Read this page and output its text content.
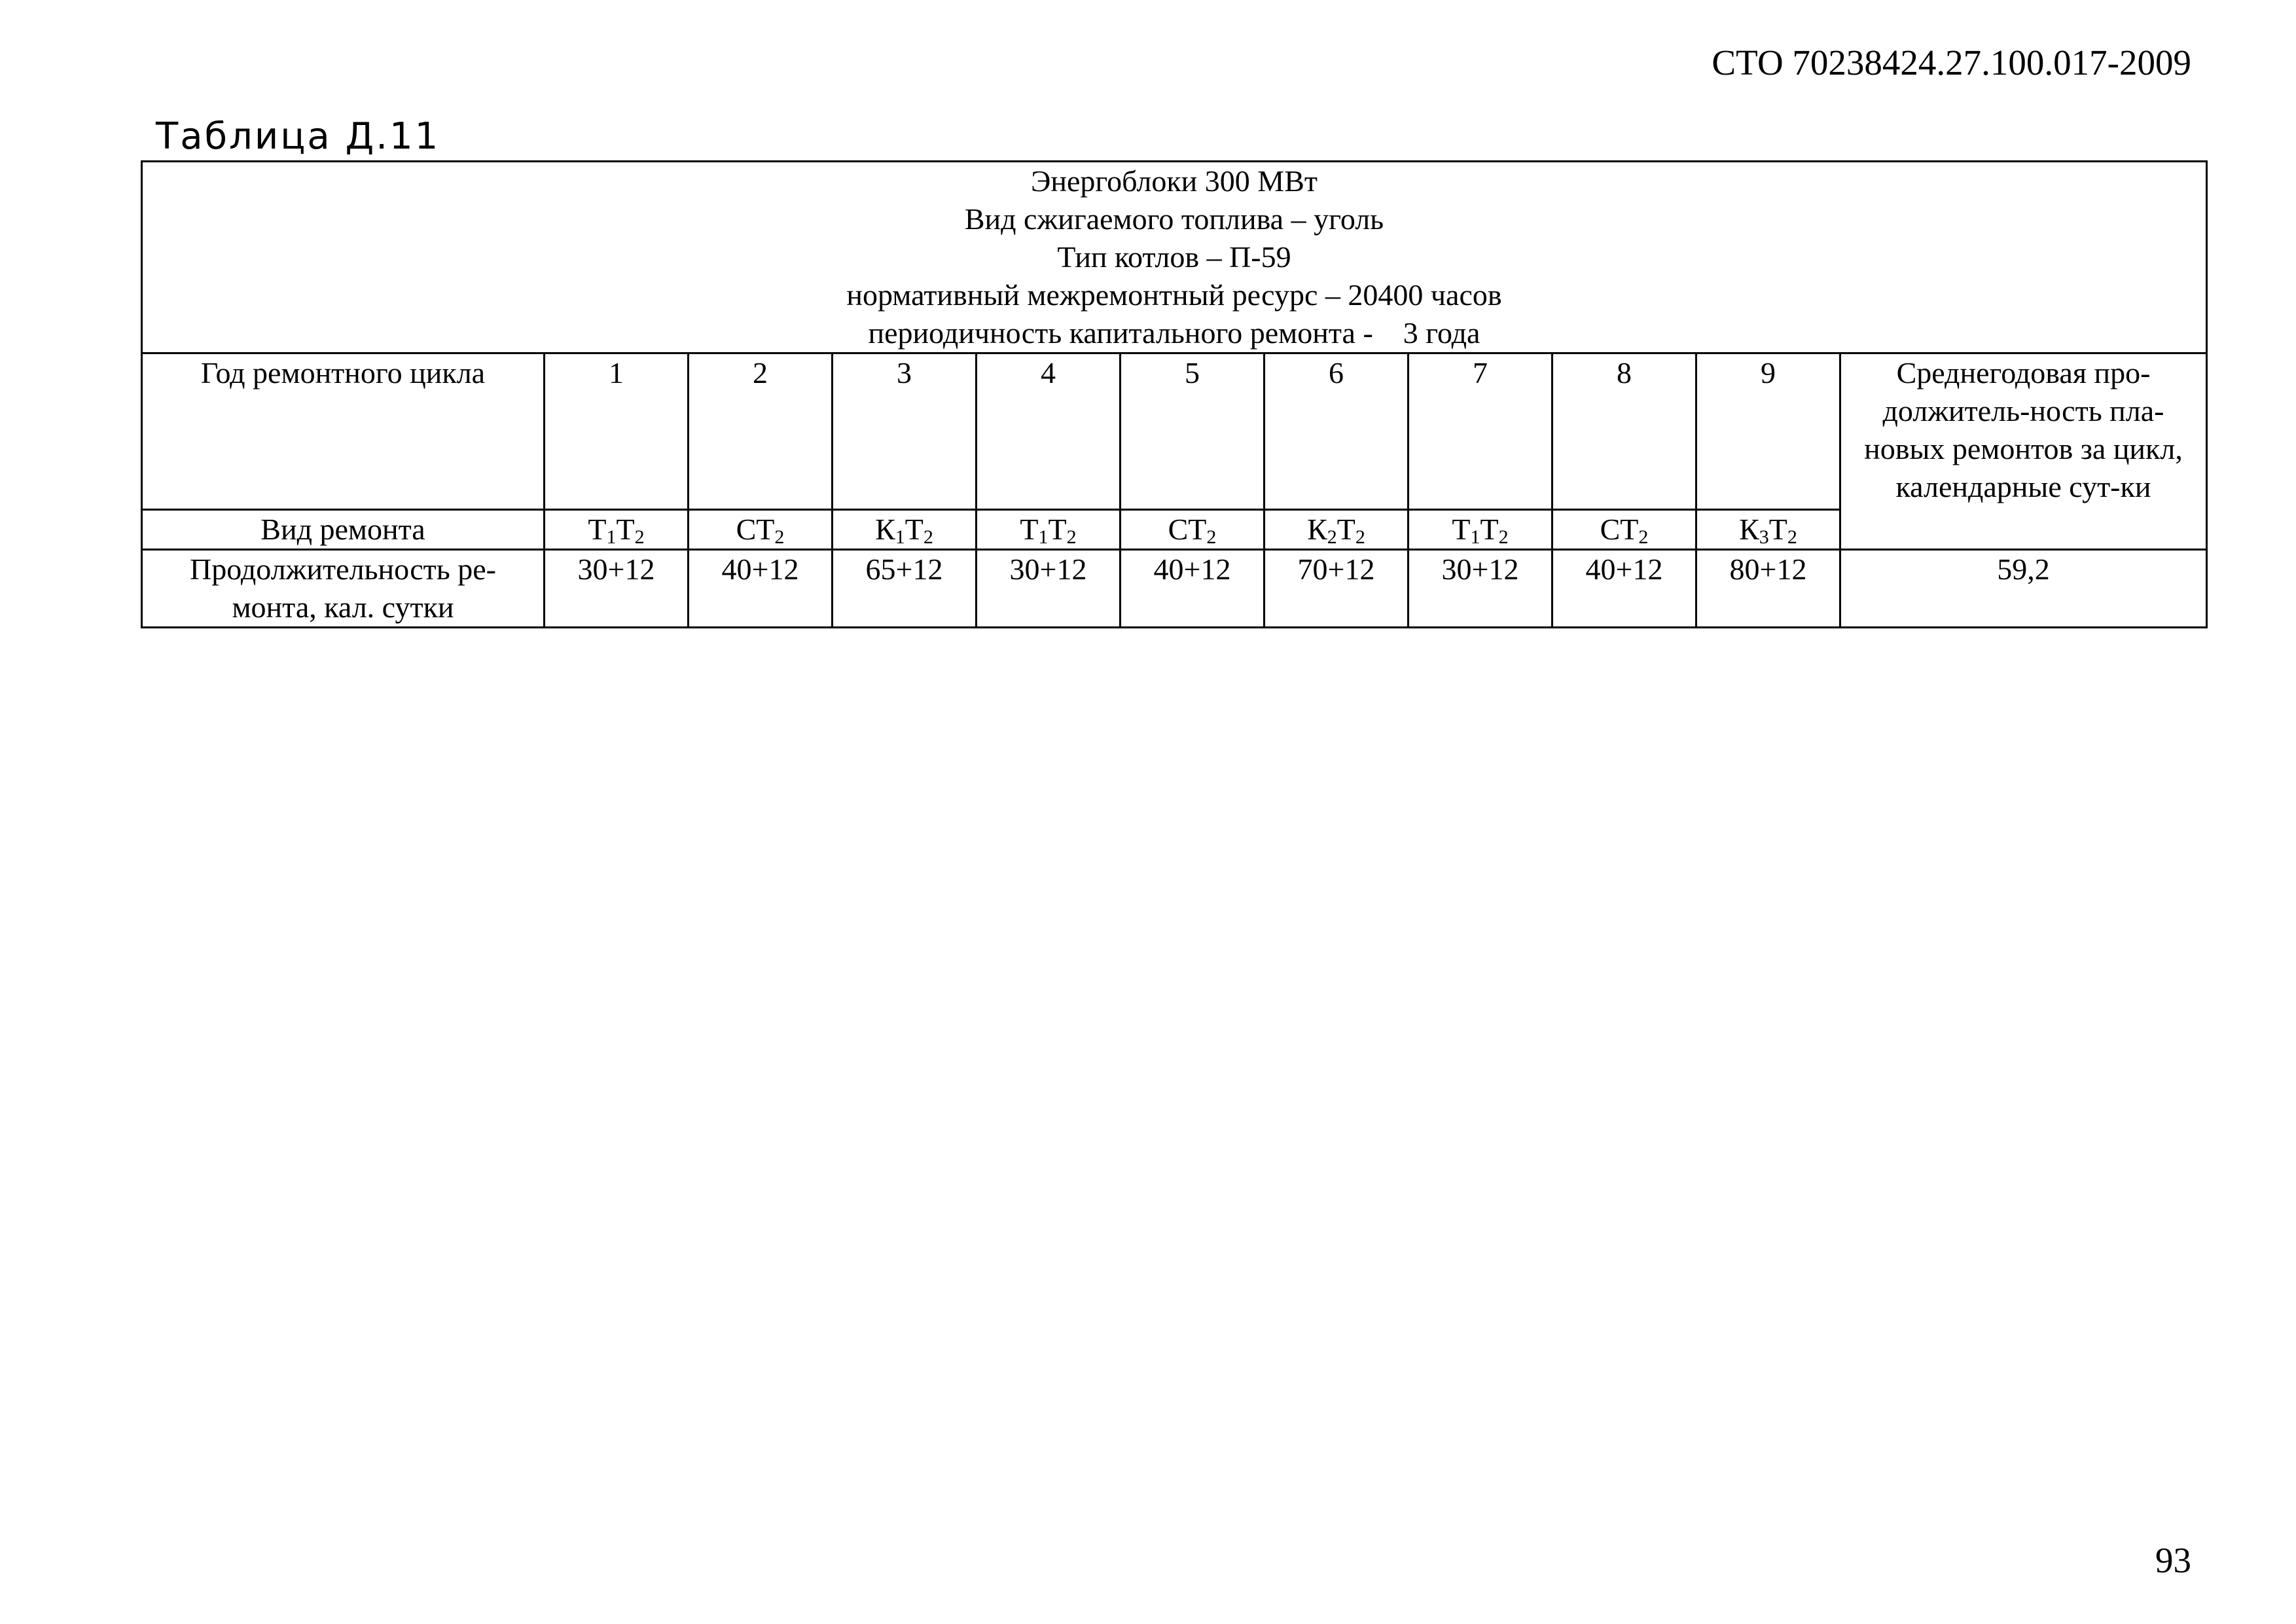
СТО 70238424.27.100.017-2009
Таблица Д.11
Энергоблоки 300 МВт
Вид сжигаемого топлива – уголь
Тип котлов – П-59
нормативный межремонтный ресурс – 20400 часов
периодичность капитального ремонта -    3 года										

Год ремонтного цикла	1	2	3	4	5	6	7	8	9	Среднегодовая про-должитель-ность пла-новых ремонтов за цикл, календарные сут-ки
Вид ремонта	$Т_1Т_2$	$СТ_2$	$К_1Т_2$	$Т_1Т_2$	$СТ_2$	$К_2Т_2$	$Т_1Т_2$	$СТ_2$	$К_3Т_2$
Продолжительность ре-монта, кал. сутки	30+12	40+12	65+12	30+12	40+12	70+12	30+12	40+12	80+12	59,2
93
